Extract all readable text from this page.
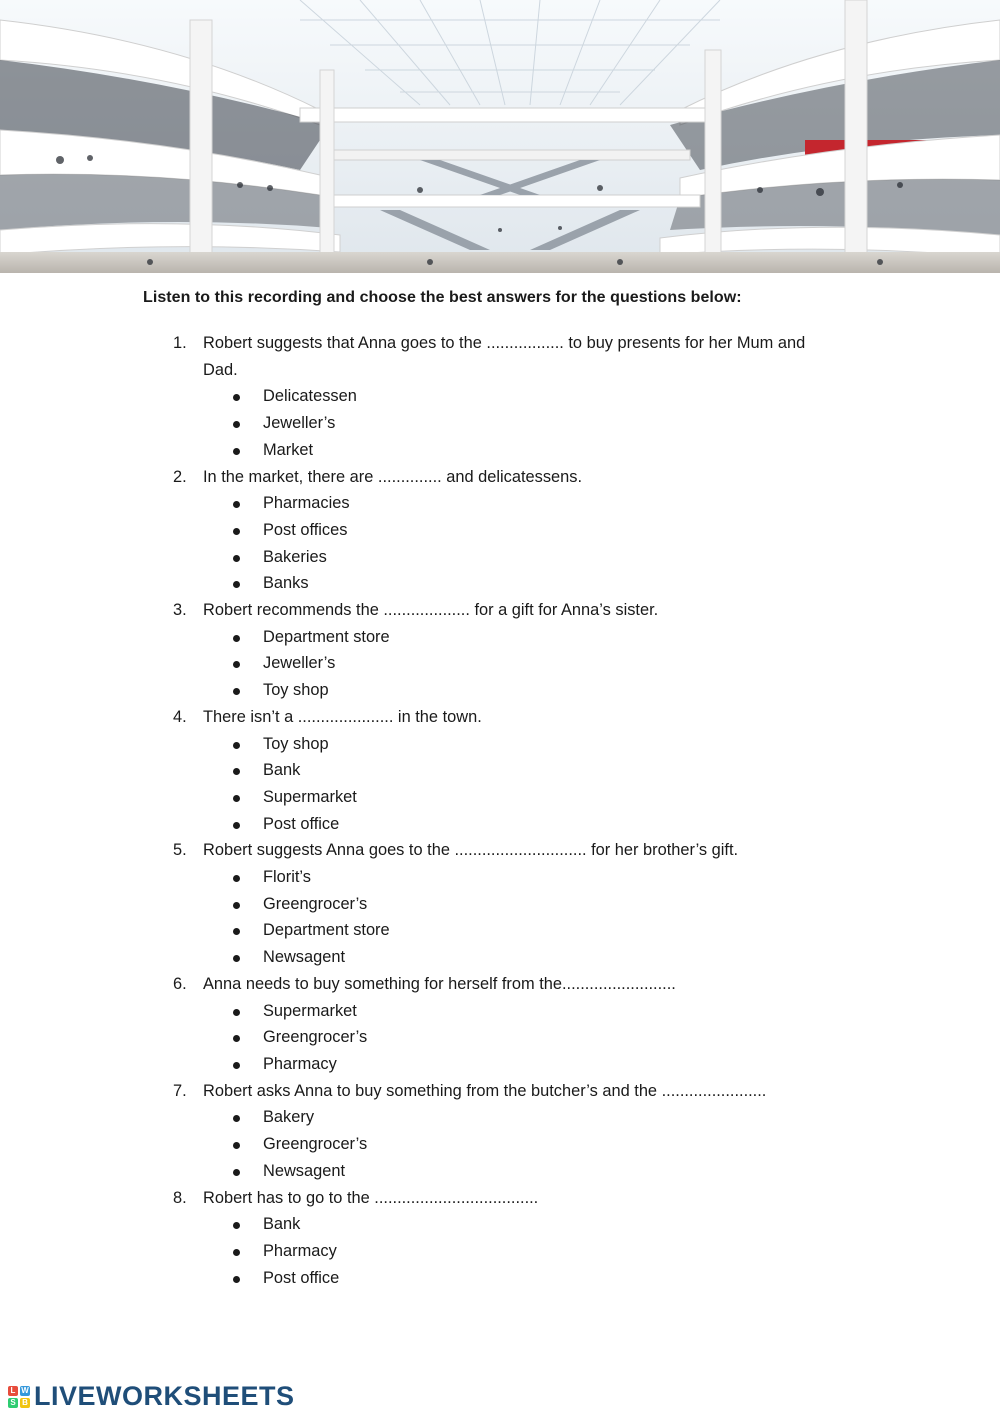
Listen to this recording and choose the best answers for the questions below:
1. Robert suggests that Anna goes to the ................. to buy presents for her Mum and Dad.
Delicatessen
Jeweller’s
Market
2. In the market, there are .............. and delicatessens.
Pharmacies
Post offices
Bakeries
Banks
3. Robert recommends the ................... for a gift for Anna’s sister.
Department store
Jeweller’s
Toy shop
4. There isn’t a ..................... in the town.
Toy shop
Bank
Supermarket
Post office
5. Robert suggests Anna goes to the ............................. for her brother’s gift.
Florit’s
Greengrocer’s
Department store
Newsagent
6. Anna needs to buy something for herself from the.........................
Supermarket
Greengrocer’s
Pharmacy
7. Robert asks Anna to buy something from the butcher’s and the .......................
Bakery
Greengrocer’s
Newsagent
8. Robert has to go to the ....................................
Bank
Pharmacy
Post office
L W
S B LIVEWORKSHEETS
